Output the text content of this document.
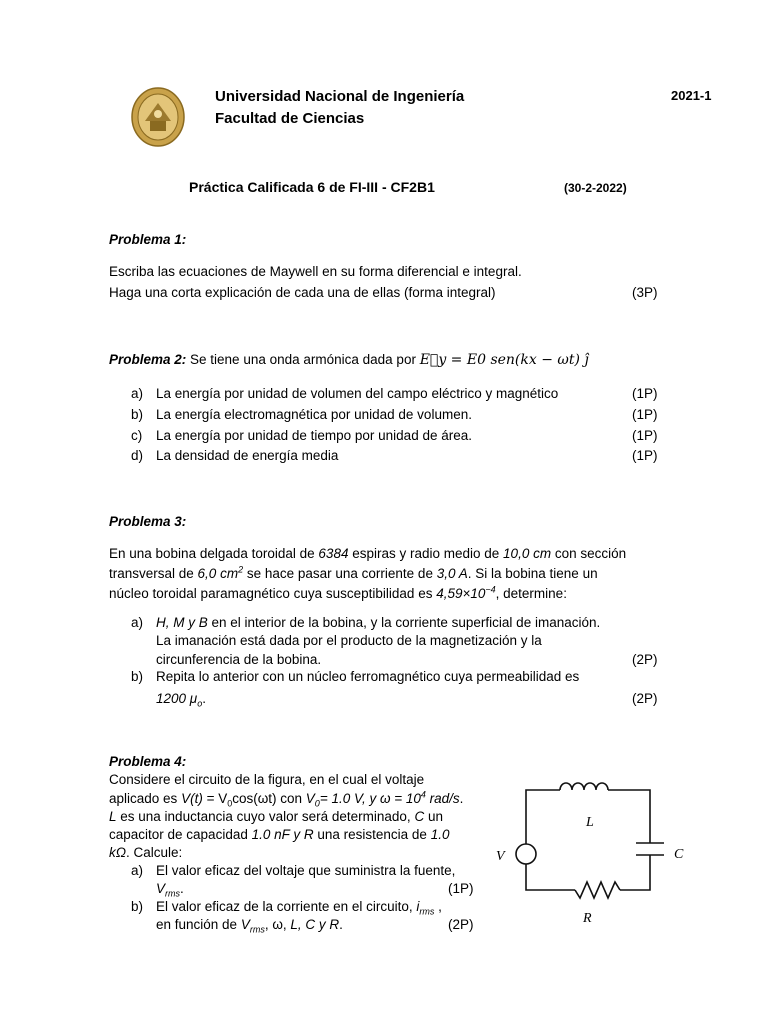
Universidad Nacional de Ingeniería
Facultad de Ciencias
2021-1
Práctica Calificada 6 de FI-III - CF2B1	(30-2-2022)
Problema 1:
Escriba las ecuaciones de Maywell en su forma diferencial e integral.
Haga una corta explicación de cada una de ellas (forma integral)	(3P)
Problema 2: Se tiene una onda armónica dada por E⃗y = E0 sen(kx − ωt) ĵ
a) La energía por unidad de volumen del campo eléctrico y magnético	(1P)
b) La energía electromagnética por unidad de volumen.	(1P)
c) La energía por unidad de tiempo por unidad de área.	(1P)
d) La densidad de energía media	(1P)
Problema 3:
En una bobina delgada toroidal de 6384 espiras y radio medio de 10,0 cm con sección
transversal de 6,0 $cm^2$ se hace pasar una corriente de 3,0 A. Si la bobina tiene un
núcleo toroidal paramagnético cuya susceptibilidad es $4,59\times 10^{-4}$, determine:
a) H, M y B en el interior de la bobina, y la corriente superficial de imanación.
La imanación está dada por el producto de la magnetización y la
circunferencia de la bobina.	(2P)
b) Repita lo anterior con un núcleo ferromagnético cuya permeabilidad es
1200 $\mu_o$.	(2P)
Problema 4:
Considere el circuito de la figura, en el cual el voltaje
aplicado es $V(t) = V_0\cos(\omega t)$ con $V_0= 1.0$ V, y $\omega = 10^4$ rad/s.
L es una inductancia cuyo valor será determinado, C un
capacitor de capacidad 1.0 nF y R una resistencia de 1.0
kΩ. Calcule:
a) El valor eficaz del voltaje que suministra la fuente,
$V_{rms}$.	(1P)
b) El valor eficaz de la corriente en el circuito, $i_{rms}$ ,
en función de $V_{rms}$, ω, L, C y R.	(2P)
V
L
C
R
